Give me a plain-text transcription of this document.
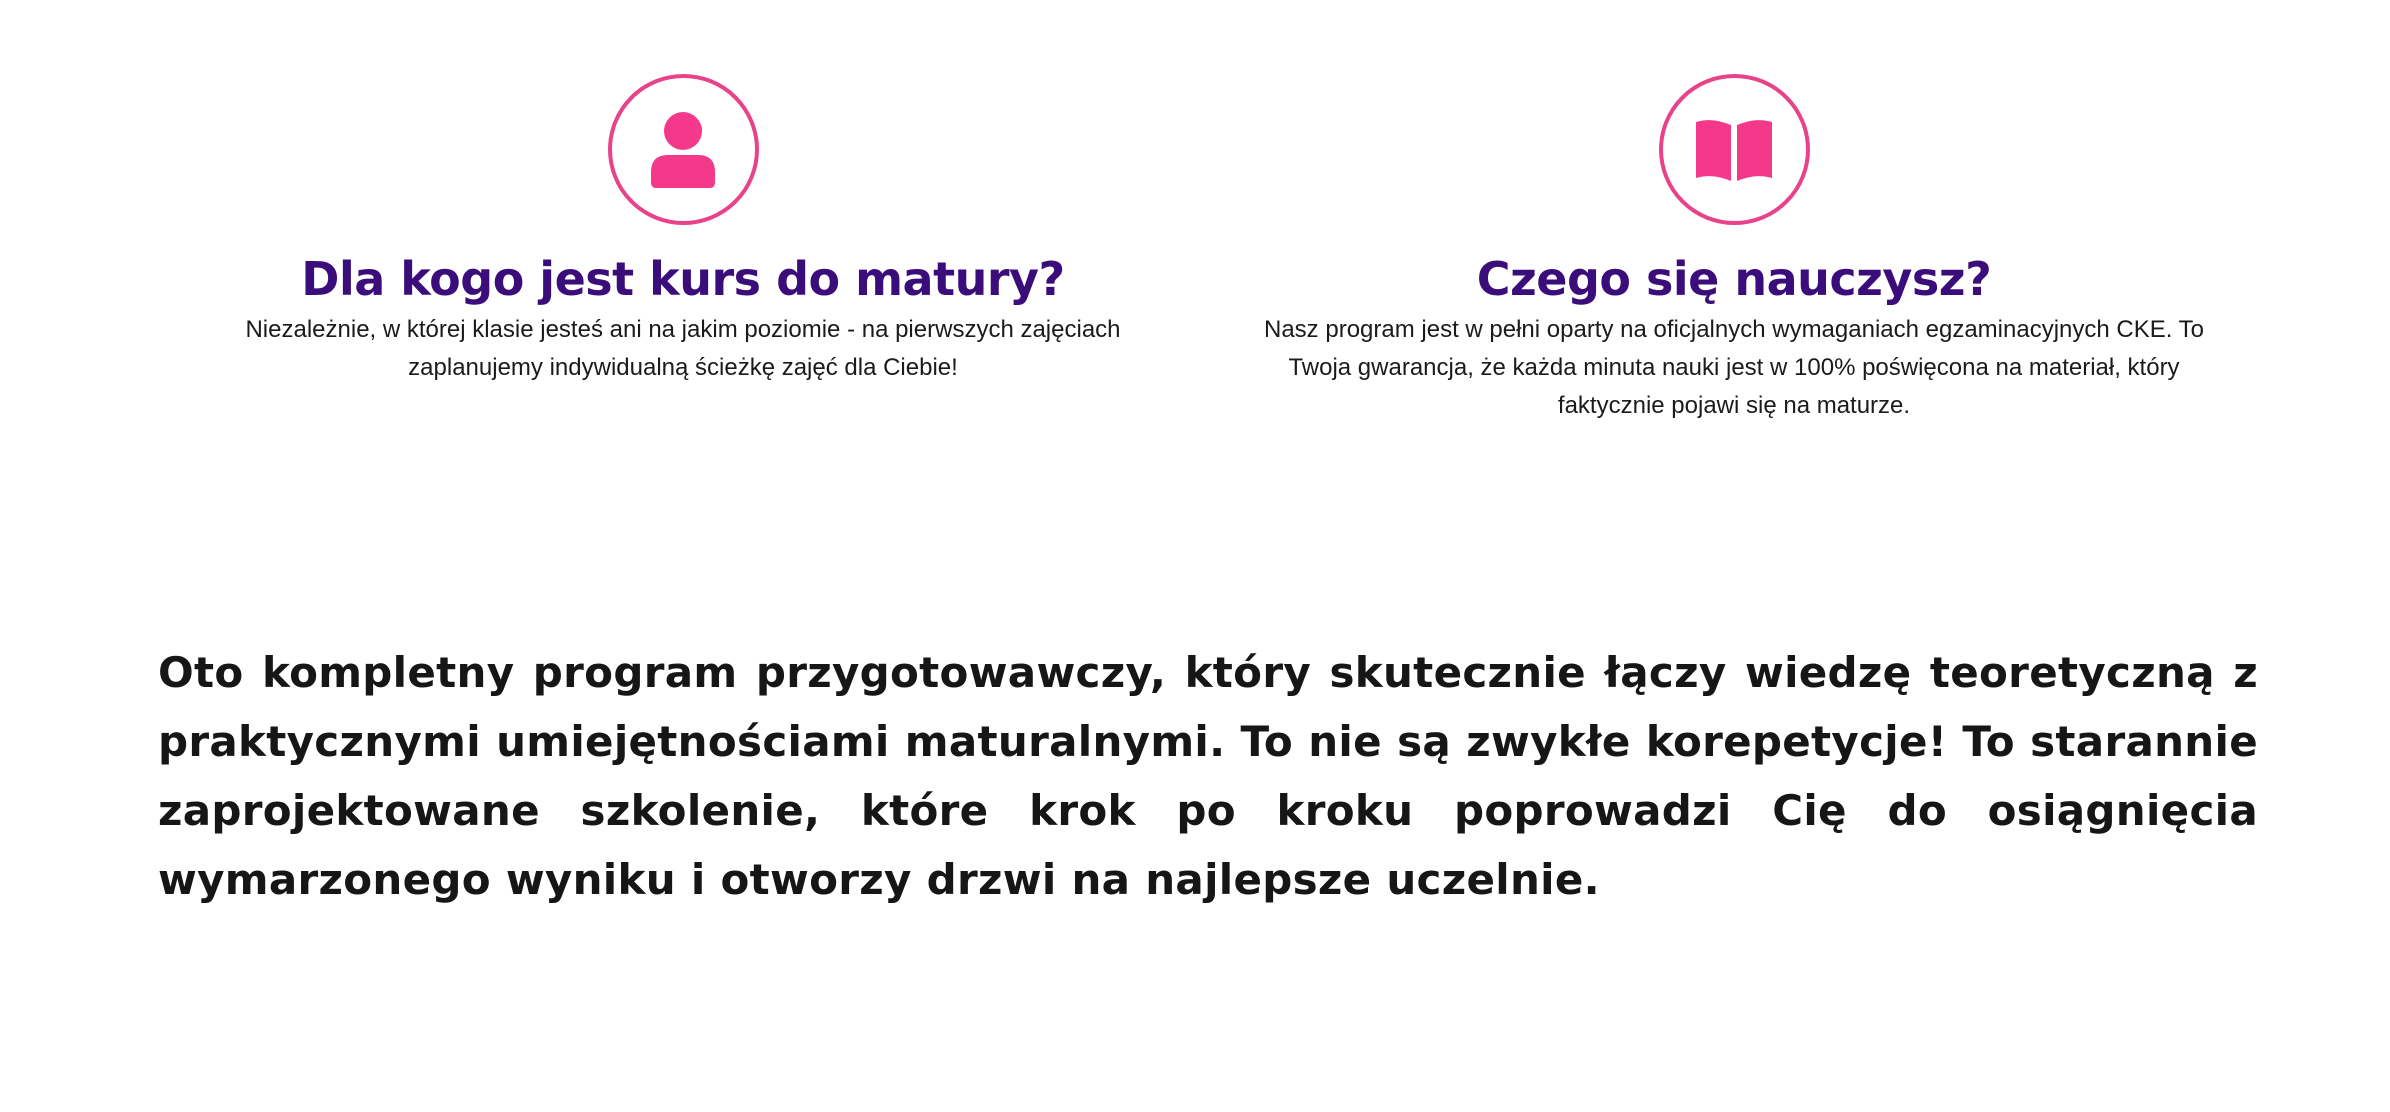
Dla kogo jest kurs do matury?

Niezależnie, w której klasie jesteś ani na jakim poziomie - na pierwszych zajęciach zaplanujemy indywidualną ścieżkę zajęć dla Ciebie!

Czego się nauczysz?

Nasz program jest w pełni oparty na oficjalnych wymaganiach egzaminacyjnych CKE. To Twoja gwarancja, że każda minuta nauki jest w 100% poświęcona na materiał, który faktycznie pojawi się na maturze.

Oto kompletny program przygotowawczy, który skutecznie łączy wiedzę teoretyczną z praktycznymi umiejętnościami maturalnymi. To nie są zwykłe korepetycje! To starannie zaprojektowane szkolenie, które krok po kroku poprowadzi Cię do osiągnięcia wymarzonego wyniku i otworzy drzwi na najlepsze uczelnie.
